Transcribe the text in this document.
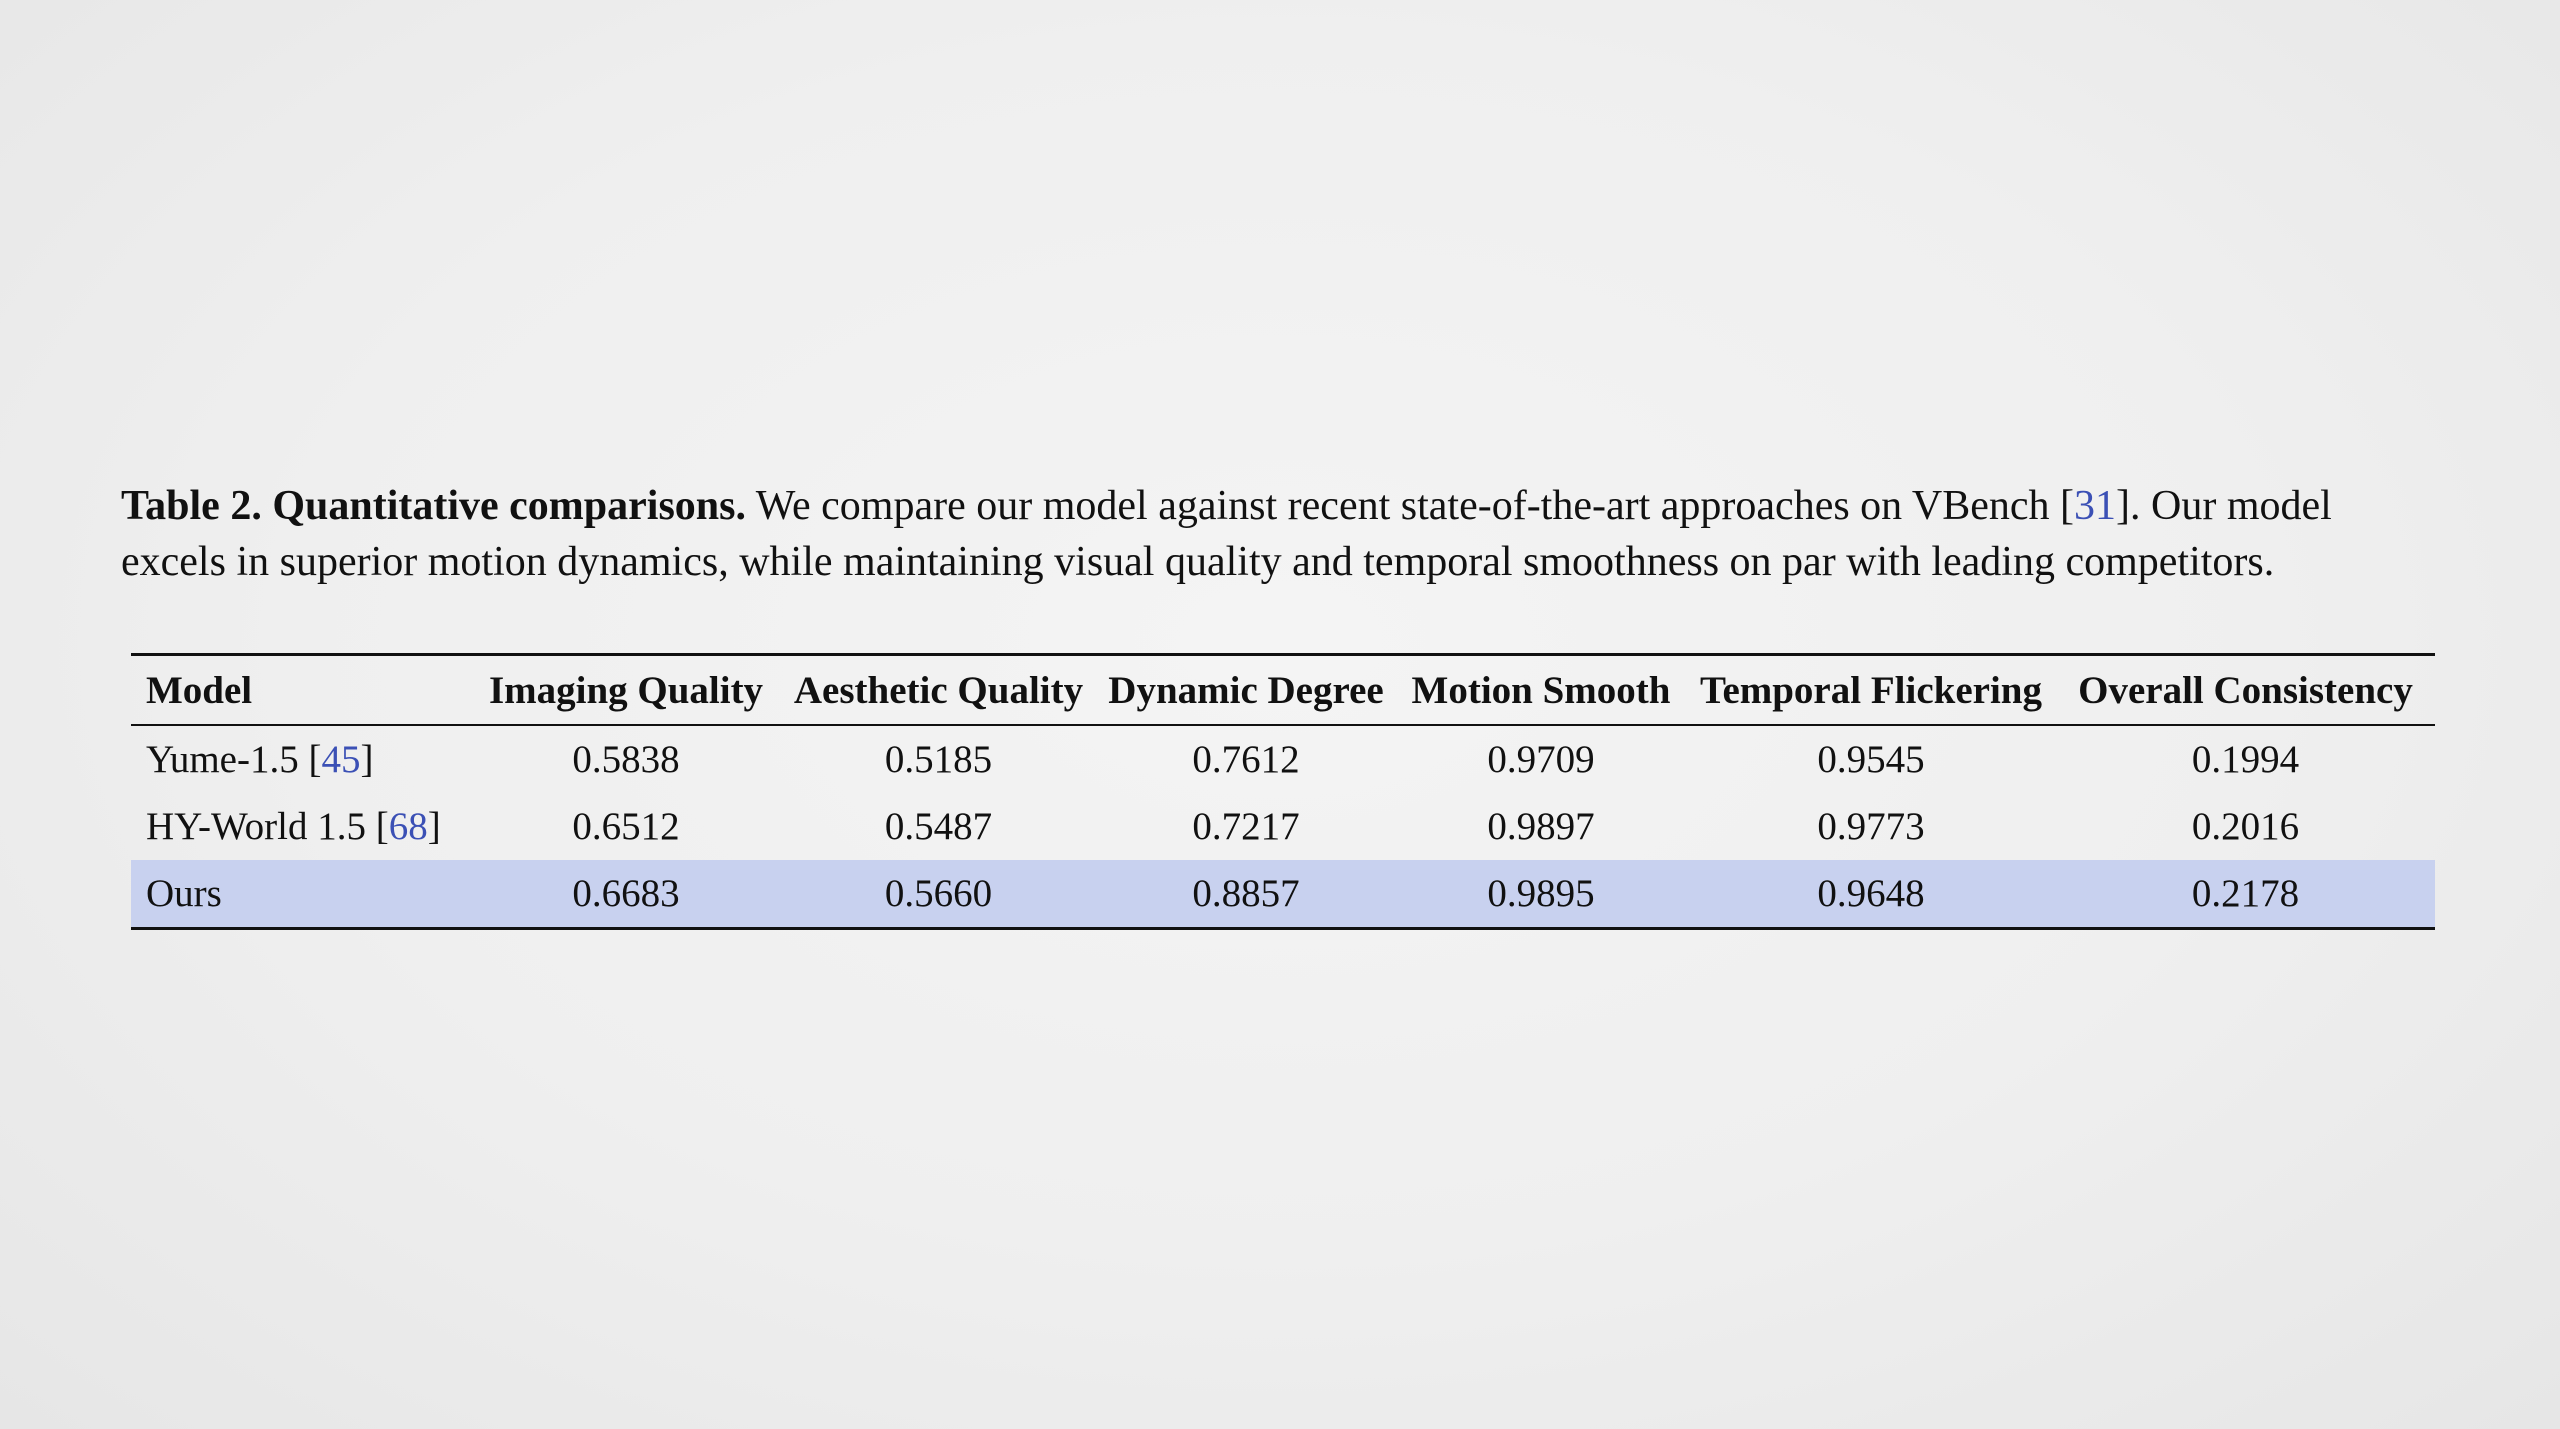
Table 2. Quantitative comparisons. We compare our model against recent state-of-the-art approaches on VBench [31]. Our model
excels in superior motion dynamics, while maintaining visual quality and temporal smoothness on par with leading competitors.

Model	Imaging Quality	Aesthetic Quality	Dynamic Degree	Motion Smooth	Temporal Flickering	Overall Consistency
Yume-1.5 [45]	0.5838	0.5185	0.7612	0.9709	0.9545	0.1994
HY-World 1.5 [68]	0.6512	0.5487	0.7217	0.9897	0.9773	0.2016
Ours	0.6683	0.5660	0.8857	0.9895	0.9648	0.2178
